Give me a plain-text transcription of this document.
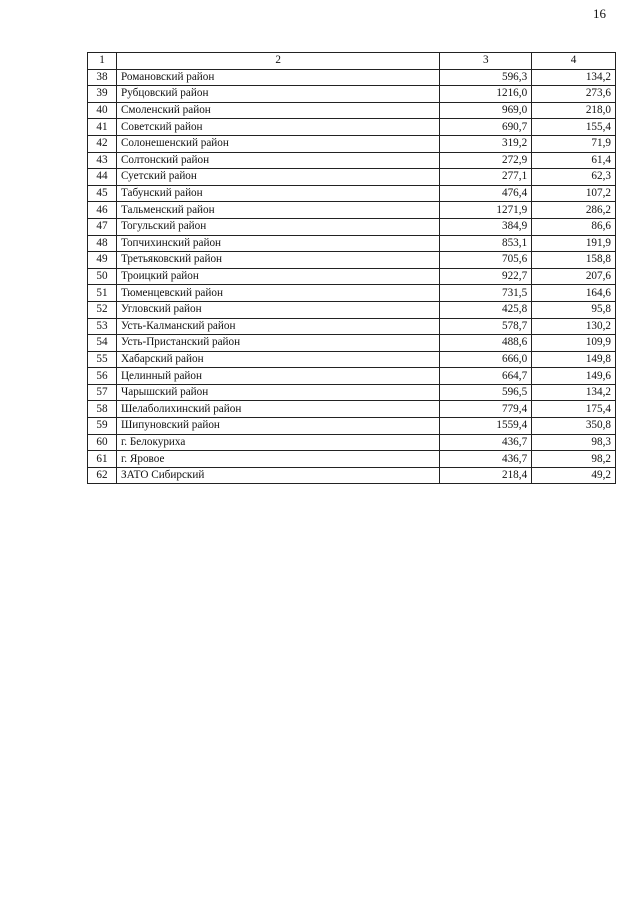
16
1	2	3	4
38	Романовский район	596,3	134,2
39	Рубцовский район	1216,0	273,6
40	Смоленский район	969,0	218,0
41	Советский район	690,7	155,4
42	Солонешенский район	319,2	71,9
43	Солтонский район	272,9	61,4
44	Суетский район	277,1	62,3
45	Табунский район	476,4	107,2
46	Тальменский район	1271,9	286,2
47	Тогульский район	384,9	86,6
48	Топчихинский район	853,1	191,9
49	Третьяковский район	705,6	158,8
50	Троицкий район	922,7	207,6
51	Тюменцевский район	731,5	164,6
52	Угловский район	425,8	95,8
53	Усть-Калманский район	578,7	130,2
54	Усть-Пристанский район	488,6	109,9
55	Хабарский район	666,0	149,8
56	Целинный район	664,7	149,6
57	Чарышский район	596,5	134,2
58	Шелаболихинский район	779,4	175,4
59	Шипуновский район	1559,4	350,8
60	г. Белокуриха	436,7	98,3
61	г. Яровое	436,7	98,2
62	ЗАТО Сибирский	218,4	49,2
